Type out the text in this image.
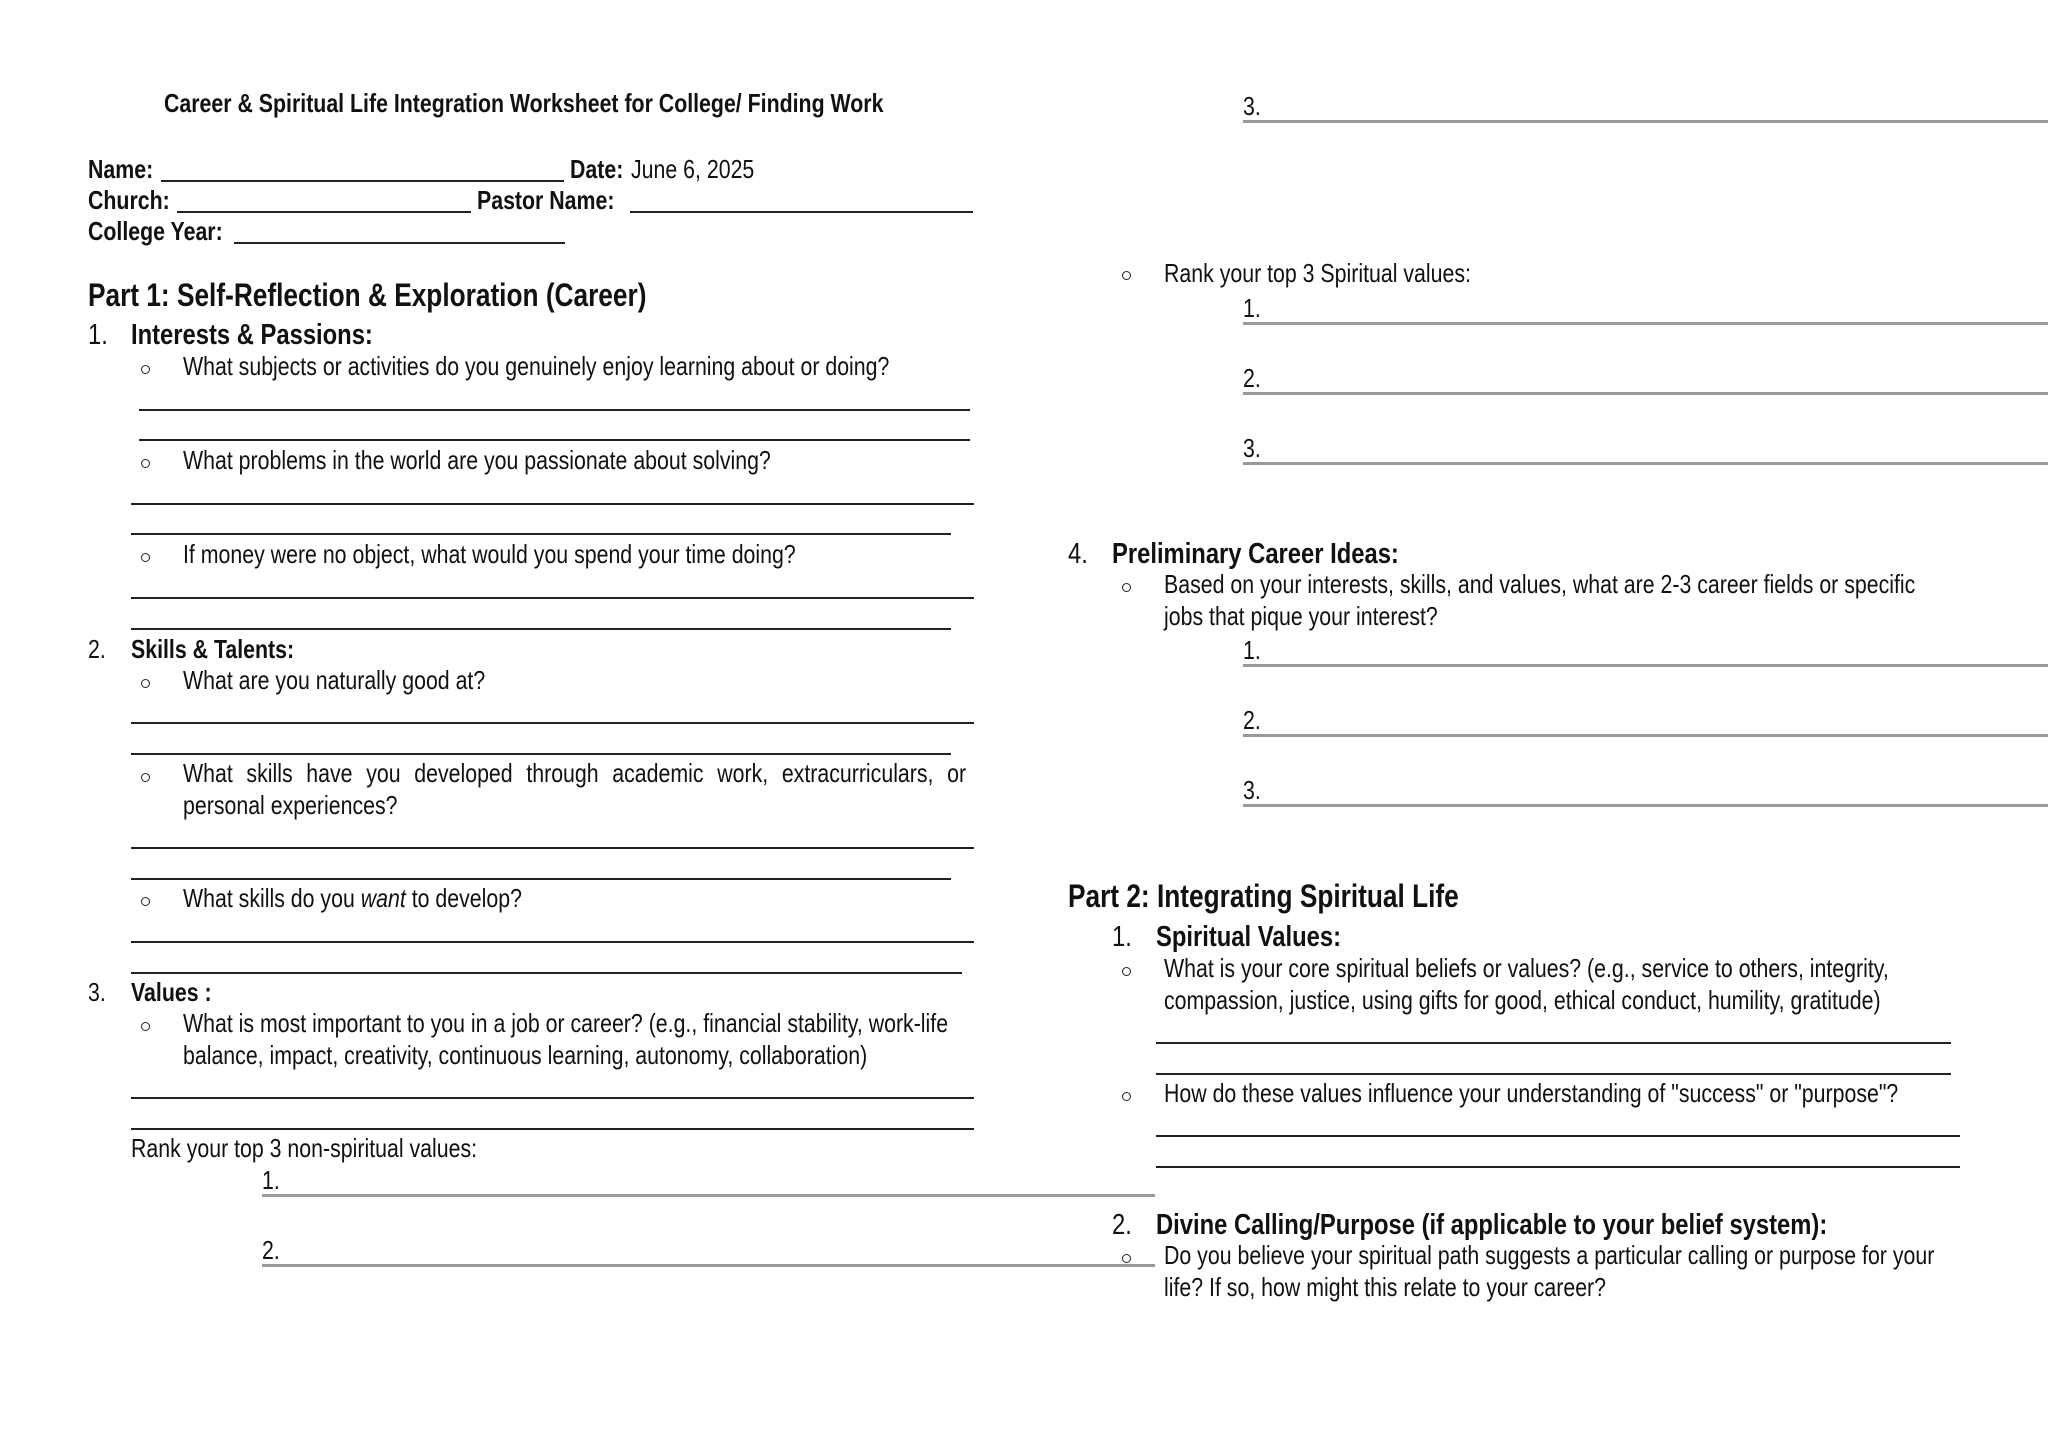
Career & Spiritual Life Integration Worksheet for College/ Finding Work
Name:	Date: June 6, 2025
Church:	Pastor Name:
College Year:
Part 1: Self-Reflection & Exploration (Career)
1. Interests & Passions:
What subjects or activities do you genuinely enjoy learning about or doing?
What problems in the world are you passionate about solving?
If money were no object, what would you spend your time doing?
2. Skills & Talents:
What are you naturally good at?
What skills have you developed through academic work, extracurriculars, or
personal experiences?
What skills do you want to develop?
3. Values :
What is most important to you in a job or career? (e.g., financial stability, work-life
balance, impact, creativity, continuous learning, autonomy, collaboration)
Rank your top 3 non-spiritual values:
1.
2.
3.
Rank your top 3 Spiritual values:
1.
2.
3.
4. Preliminary Career Ideas:
Based on your interests, skills, and values, what are 2-3 career fields or specific
jobs that pique your interest?
1.
2.
3.
Part 2: Integrating Spiritual Life
1. Spiritual Values:
What is your core spiritual beliefs or values? (e.g., service to others, integrity,
compassion, justice, using gifts for good, ethical conduct, humility, gratitude)
How do these values influence your understanding of "success" or "purpose"?
2. Divine Calling/Purpose (if applicable to your belief system):
Do you believe your spiritual path suggests a particular calling or purpose for your
life? If so, how might this relate to your career?
